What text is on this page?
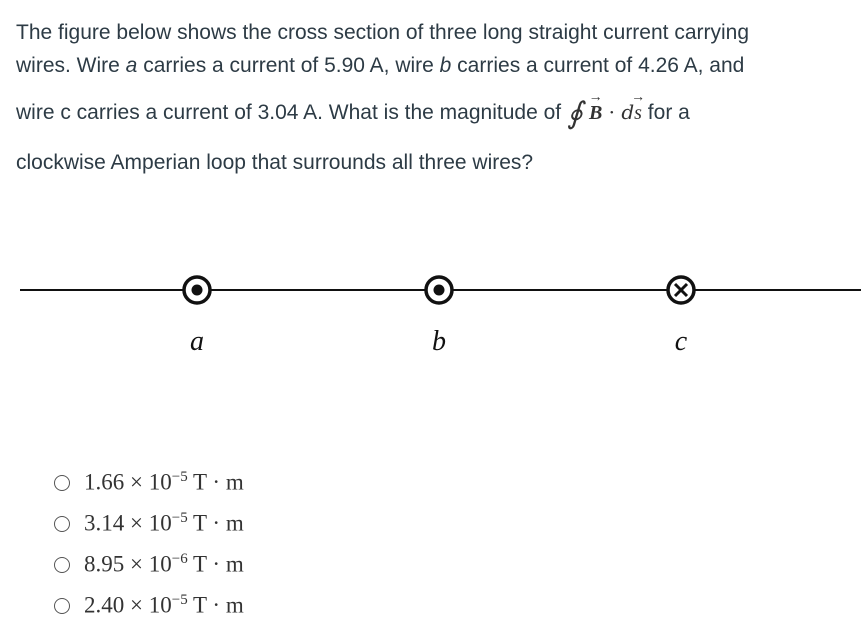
The figure below shows the cross section of three long straight current carrying
wires. Wire a carries a current of 5.90 A, wire b carries a current of 4.26 A, and
wire c carries a current of 3.04 A. What is the magnitude of ∮ → B · d→ s for a
clockwise Amperian loop that surrounds all three wires?
a	b	c
$1.66 \times 10^{-5}$ T · m
$3.14 \times 10^{-5}$ T · m
$8.95 \times 10^{-6}$ T · m
$2.40 \times 10^{-5}$ T · m
